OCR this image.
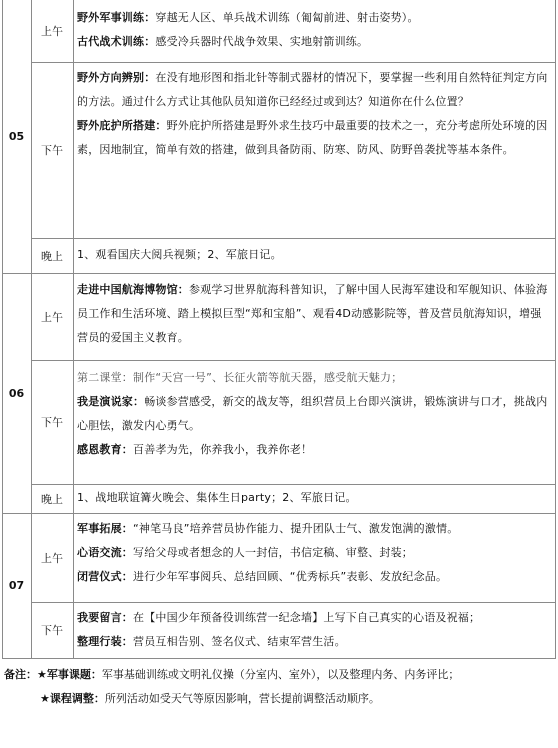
05
06
07
上午
下午
晚上
上午
下午
晚上
上午
下午

野外军事训练：穿越无人区、单兵战术训练（匍匐前进、射击姿势）。

古代战术训练：感受冷兵器时代战争效果、实地射箭训练。

野外方向辨别：在没有地形图和指北针等制式器材的情况下，要掌握一些利用自然特征判定方向的方法。通过什么方式让其他队员知道你已经经过或到达？知道你在什么位置？

野外庇护所搭建：野外庇护所搭建是野外求生技巧中最重要的技术之一，充分考虑所处环境的因素，因地制宜，简单有效的搭建，做到具备防雨、防寒、防风、防野兽袭扰等基本条件。

1、观看国庆大阅兵视频；2、军旅日记。

走进中国航海博物馆：参观学习世界航海科普知识，了解中国人民海军建设和军舰知识、体验海员工作和生活环境、踏上模拟巨型“郑和宝船”、观看4D动感影院等，普及营员航海知识，增强营员的爱国主义教育。

第二课堂：制作“天宫一号”、长征火箭等航天器，感受航天魅力；

我是演说家：畅谈参营感受，新交的战友等，组织营员上台即兴演讲，锻炼演讲与口才，挑战内心胆怯，激发内心勇气。

感恩教育：百善孝为先，你养我小，我养你老！

1、战地联谊篝火晚会、集体生日party；2、军旅日记。

军事拓展：“神笔马良”培养营员协作能力、提升团队士气、激发饱满的激情。

心语交流：写给父母或者想念的人一封信，书信定稿、审整、封装；

闭营仪式：进行少年军事阅兵、总结回顾、“优秀标兵”表彰、发放纪念品。

我要留言：在【中国少年预备役训练营一纪念墙】上写下自己真实的心语及祝福；

整理行装：营员互相告别、签名仪式、结束军营生活。

备注：★军事课题：军事基础训练或文明礼仪操（分室内、室外），以及整理内务、内务评比；

★课程调整：所列活动如受天气等原因影响，营长提前调整活动顺序。
